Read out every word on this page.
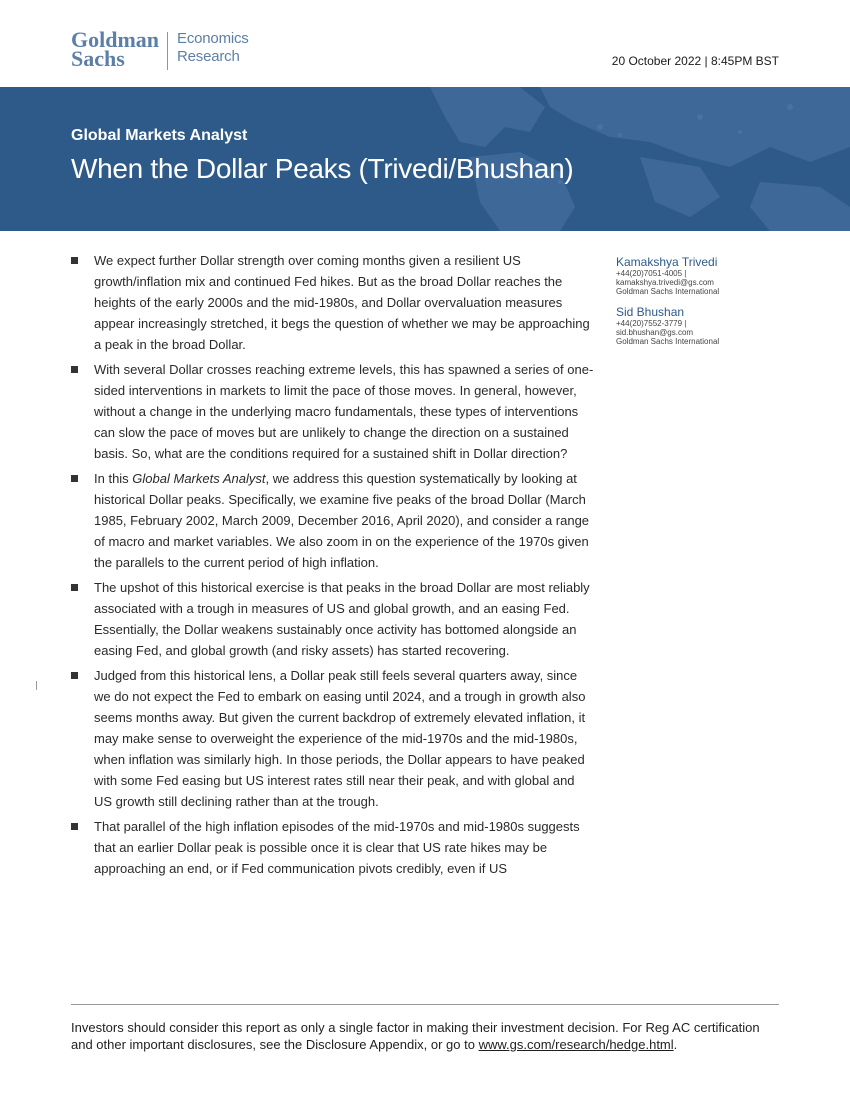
Goldman
Sachs
Economics
Research	20 October 2022 | 8:45PM BST
Global Markets Analyst
When the Dollar Peaks (Trivedi/Bhushan)
We expect further Dollar strength over coming months given a resilient US growth/inflation mix and continued Fed hikes. But as the broad Dollar reaches the heights of the early 2000s and the mid-1980s, and Dollar overvaluation measures appear increasingly stretched, it begs the question of whether we may be approaching a peak in the broad Dollar.
With several Dollar crosses reaching extreme levels, this has spawned a series of one-sided interventions in markets to limit the pace of those moves. In general, however, without a change in the underlying macro fundamentals, these types of interventions can slow the pace of moves but are unlikely to change the direction on a sustained basis. So, what are the conditions required for a sustained shift in Dollar direction?
In this Global Markets Analyst, we address this question systematically by looking at historical Dollar peaks. Specifically, we examine five peaks of the broad Dollar (March 1985, February 2002, March 2009, December 2016, April 2020), and consider a range of macro and market variables. We also zoom in on the experience of the 1970s given the parallels to the current period of high inflation.
The upshot of this historical exercise is that peaks in the broad Dollar are most reliably associated with a trough in measures of US and global growth, and an easing Fed. Essentially, the Dollar weakens sustainably once activity has bottomed alongside an easing Fed, and global growth (and risky assets) has started recovering.
Judged from this historical lens, a Dollar peak still feels several quarters away, since we do not expect the Fed to embark on easing until 2024, and a trough in growth also seems months away. But given the current backdrop of extremely elevated inflation, it may make sense to overweight the experience of the mid-1970s and the mid-1980s, when inflation was similarly high. In those periods, the Dollar appears to have peaked with some Fed easing but US interest rates still near their peak, and with global and US growth still declining rather than at the trough.
That parallel of the high inflation episodes of the mid-1970s and mid-1980s suggests that an earlier Dollar peak is possible once it is clear that US rate hikes may be approaching an end, or if Fed communication pivots credibly, even if US
Kamakshya Trivedi
+44(20)7051-4005 |
kamakshya.trivedi@gs.com
Goldman Sachs International
Sid Bhushan
+44(20)7552-3779 |
sid.bhushan@gs.com
Goldman Sachs International
Investors should consider this report as only a single factor in making their investment decision. For Reg AC certification and other important disclosures, see the Disclosure Appendix, or go to www.gs.com/research/hedge.html.
